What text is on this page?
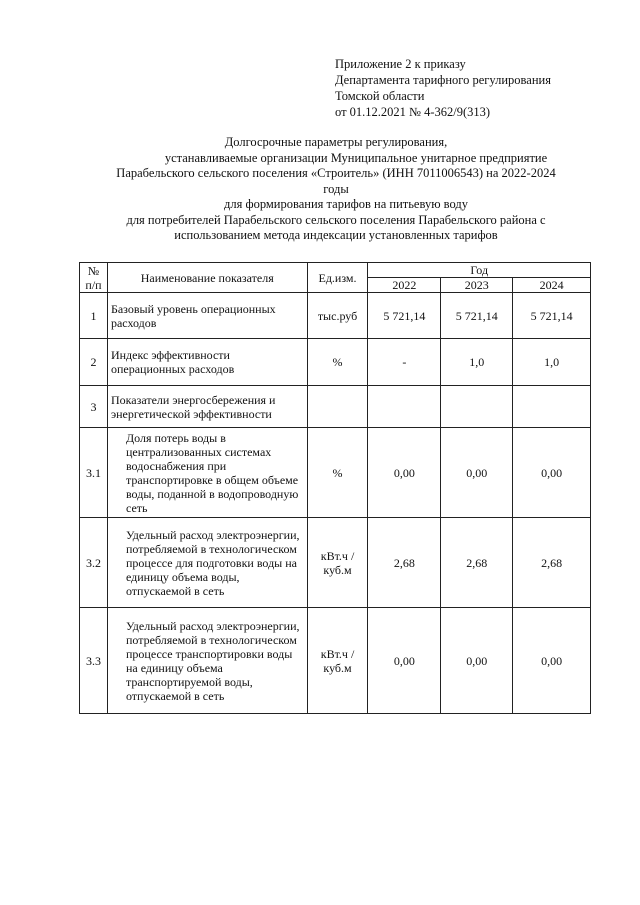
Приложение 2 к приказу
Департамента тарифного регулирования
Томской области
от 01.12.2021 № 4-362/9(313)
Долгосрочные параметры регулирования,
устанавливаемые организации Муниципальное унитарное предприятие
Парабельского сельского поселения «Строитель» (ИНН 7011006543) на 2022-2024
годы
для формирования тарифов на питьевую воду
для потребителей Парабельского сельского поселения Парабельского района с
использованием метода индексации установленных тарифов
№ п/п	Наименование показателя	Ед.изм.	Год		
			2022	2023	2024
1	Базовый уровень операционных расходов	тыс.руб	5 721,14	5 721,14	5 721,14
2	Индекс эффективности операционных расходов	%	-	1,0	1,0
3	Показатели энергосбережения и энергетической эффективности				
3.1	Доля потерь воды в централизованных системах водоснабжения при транспортировке в общем объеме воды, поданной в водопроводную сеть	%	0,00	0,00	0,00
3.2	Удельный расход электроэнергии, потребляемой в технологическом процессе для подготовки воды на единицу объема воды, отпускаемой в сеть	кВт.ч / куб.м	2,68	2,68	2,68
3.3	Удельный расход электроэнергии, потребляемой в технологическом процессе транспортировки воды на единицу объема транспортируемой воды, отпускаемой в сеть	кВт.ч / куб.м	0,00	0,00	0,00
